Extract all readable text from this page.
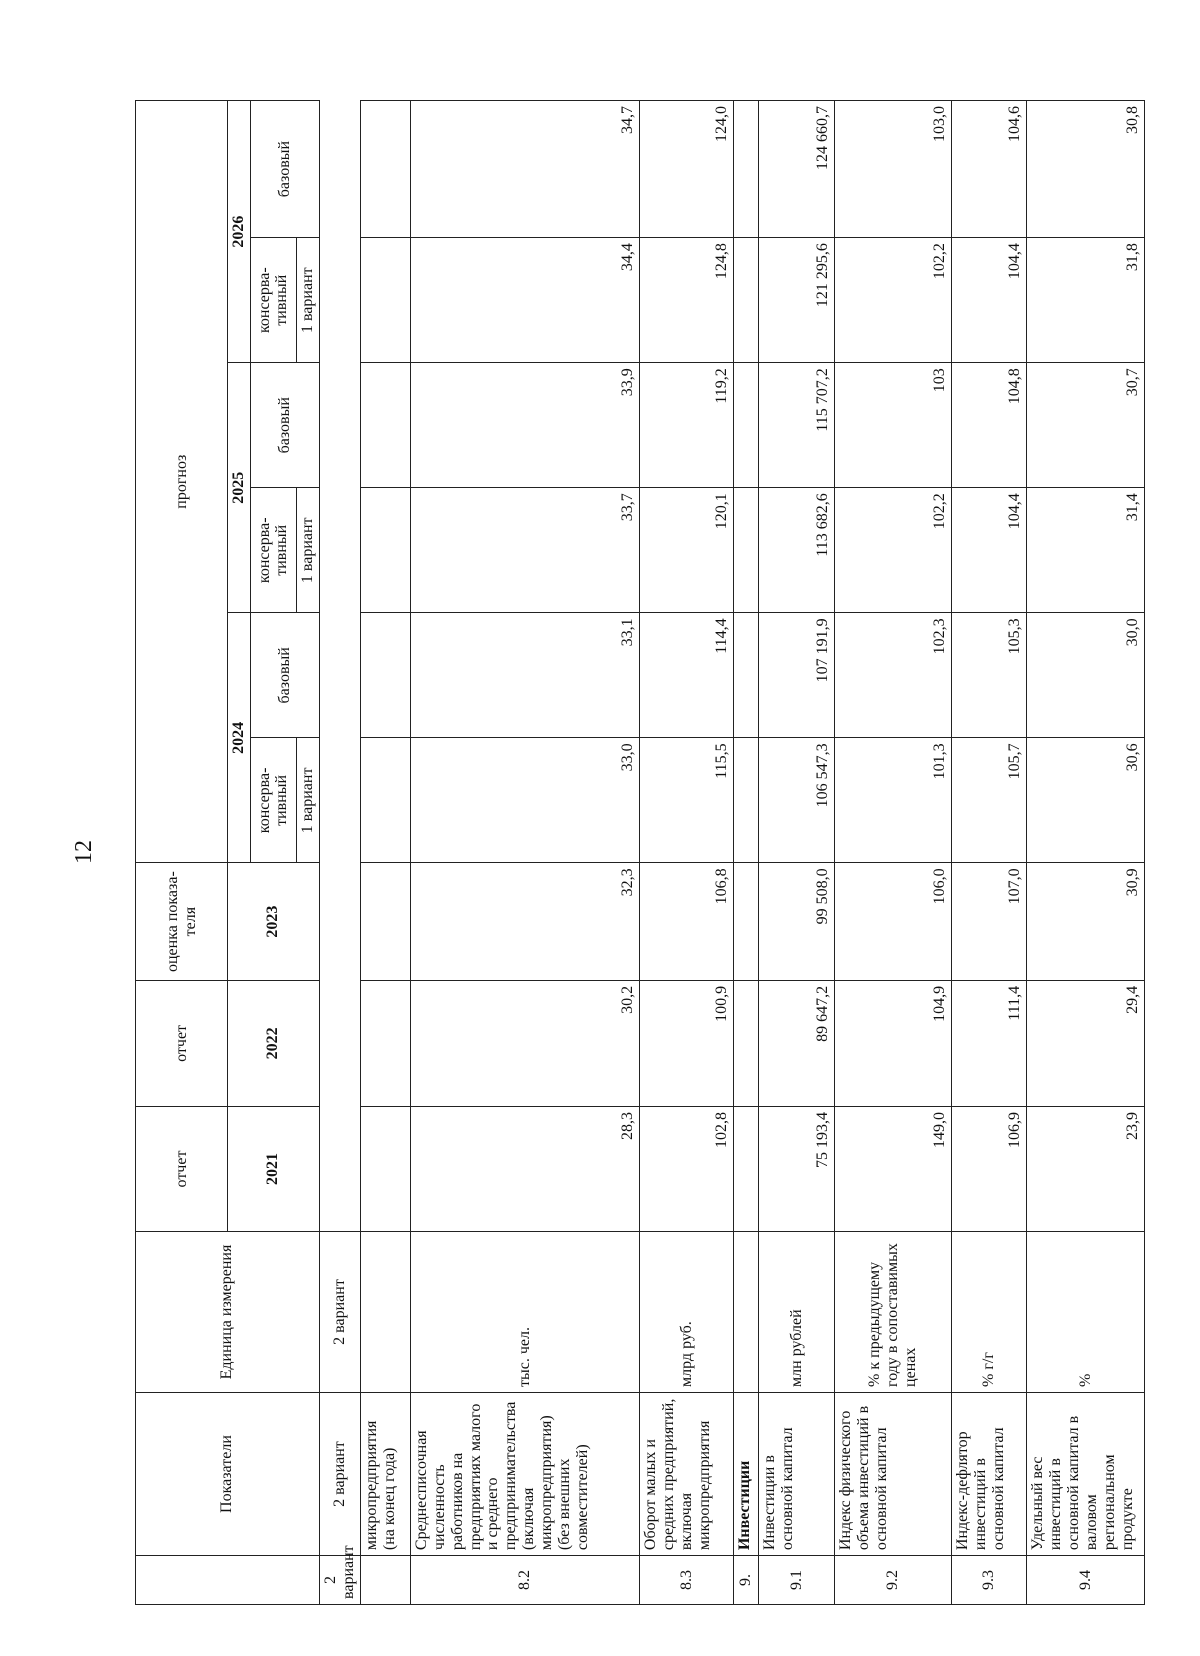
12
	Показатели	Единица измерения	отчет	отчет	оценка показа-теля	прогноз					
			2021	2022	2023	2024		2025		2026	
						консерва-тивный	базовый	консерва-тивный	базовый	консерва-тивный	базовый
						1 вариант		1 вариант		1 вариант	
2 вариант	2 вариант	2 вариант									
	микропредприятия (на конец года)										
8.2	Среднесписочная численность работников на предприятиях малого и среднего предпринимательства (включая микропредприятия) (без внешних совместителей)	тыс. чел.	28,3	30,2	32,3	33,0	33,1	33,7	33,9	34,4	34,7
8.3	Оборот малых и средних предприятий, включая микропредприятия	млрд руб.	102,8	100,9	106,8	115,5	114,4	120,1	119,2	124,8	124,0
9.	Инвестиции										
9.1	Инвестиции в основной капитал	млн рублей	75 193,4	89 647,2	99 508,0	106 547,3	107 191,9	113 682,6	115 707,2	121 295,6	124 660,7
9.2	Индекс физического объема инвестиций в основной капитал	% к предыдущему году в сопоставимых ценах	149,0	104,9	106,0	101,3	102,3	102,2	103	102,2	103,0
9.3	Индекс-дефлятор инвестиций в основной капитал	% г/г	106,9	111,4	107,0	105,7	105,3	104,4	104,8	104,4	104,6
9.4	Удельный вес инвестиций в основной капитал в валовом региональном продукте	%	23,9	29,4	30,9	30,6	30,0	31,4	30,7	31,8	30,8
